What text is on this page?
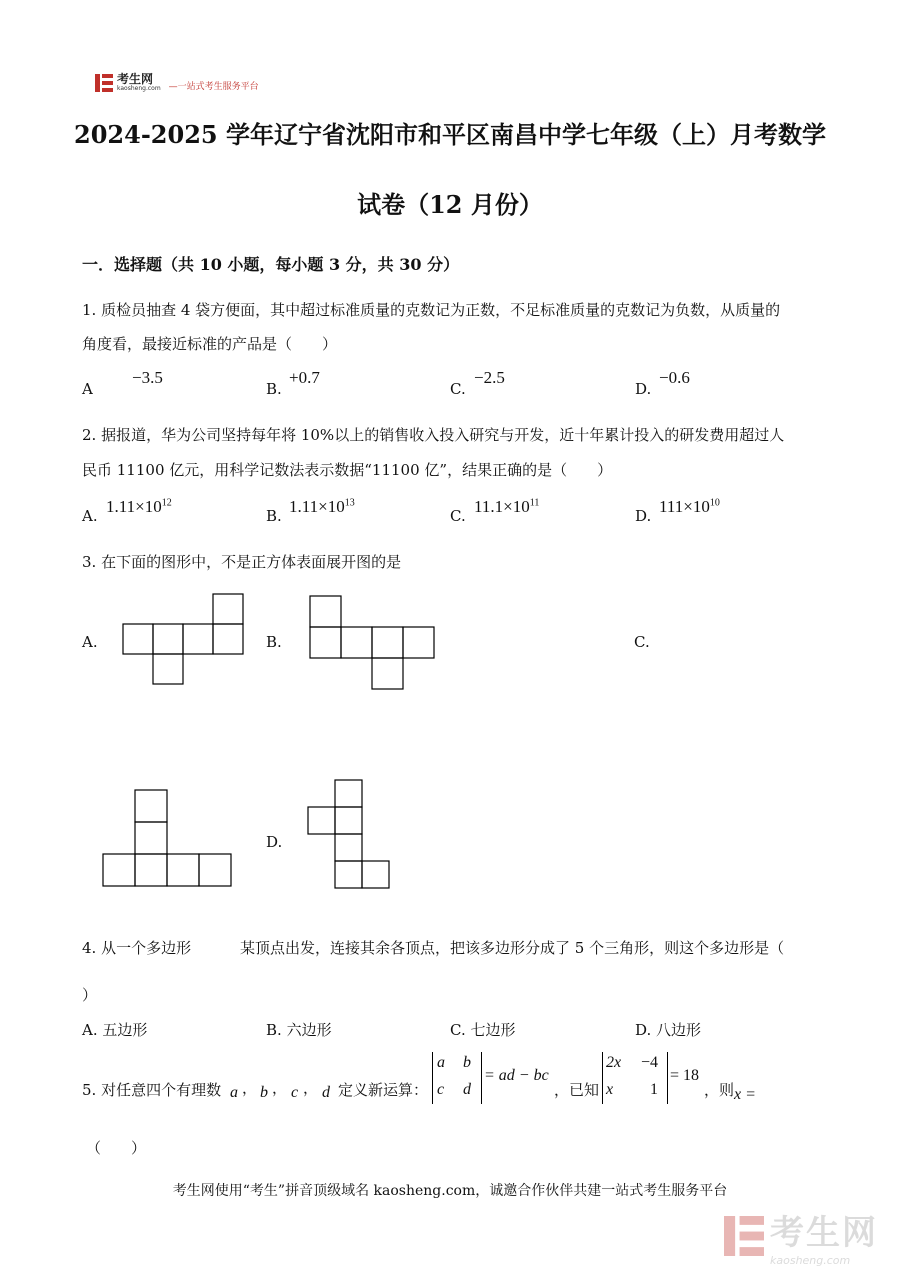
考生网
kaosheng.com —一站式考生服务平台
2024-2025 学年辽宁省沈阳市和平区南昌中学七年级（上）月考数学
试卷（12 月份）
一．选择题（共 10 小题，每小题 3 分，共 30 分）
1. 质检员抽查 4 袋方便面，其中超过标准质量的克数记为正数，不足标准质量的克数记为负数，从质量的
角度看，最接近标准的产品是（　　）
A
−3.5
B.
+0.7
C.
−2.5
D.
−0.6
2. 据报道，华为公司坚持每年将 10%以上的销售收入投入研究与开发，近十年累计投入的研发费用超过人
民币 11100 亿元，用科学记数法表示数据“11100 亿”，结果正确的是（　　）
A. $1.11\times 10^{12}$
B. $1.11\times 10^{13}$
C. $11.1\times 10^{11}$
D. $111\times 10^{10}$
3. 在下面的图形中，不是正方体表面展开图的是
A.	B.	C.
D.
4. 从一个多边形	某顶点出发，连接其余各顶点，把该多边形分成了 5 个三角形，则这个多边形是（
）
A. 五边形	B. 六边形	C. 七边形	D. 八边形
5. 对任意四个有理数 a ， b ， c ， d 定义新运算：
a b
c d
= ad − bc
，已知
2x −4
x 1
= 18
，则 x =
（　　）
考生网使用“考生”拼音顶级域名 kaosheng.com，诚邀合作伙伴共建一站式考生服务平台
考生网
kaosheng.com
